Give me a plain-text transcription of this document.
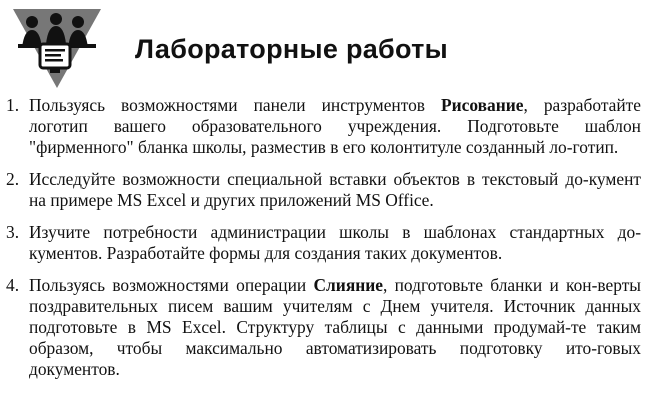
Лабораторные работы
1. Пользуясь возможностями панели инструментов Рисование, разработайте логотип вашего образовательного учреждения. Подготовьте шаблон "фирменного" бланка школы, разместив в его колонтитуле созданный ло-готип.
2. Исследуйте возможности специальной вставки объектов в текстовый до-кумент на примере MS Excel и других приложений MS Office.
3. Изучите потребности администрации школы в шаблонах стандартных до-кументов. Разработайте формы для создания таких документов.
4. Пользуясь возможностями операции Слияние, подготовьте бланки и кон-верты поздравительных писем вашим учителям с Днем учителя. Источник данных подготовьте в MS Excel. Структуру таблицы с данными продумай-те таким образом, чтобы максимально автоматизировать подготовку ито-говых документов.
